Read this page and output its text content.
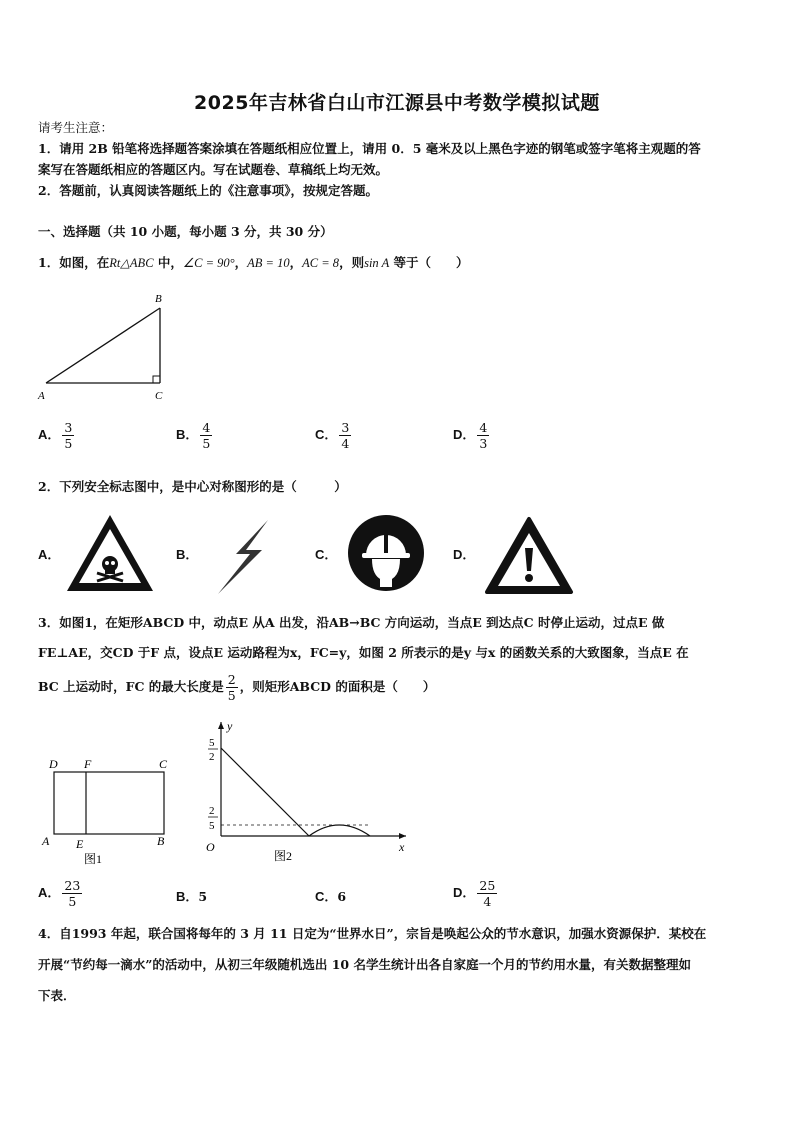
2025年吉林省白山市江源县中考数学模拟试题
请考生注意：
1．请用 2B 铅笔将选择题答案涂填在答题纸相应位置上，请用 0．5 毫米及以上黑色字迹的钢笔或签字笔将主观题的答
案写在答题纸相应的答题区内。写在试题卷、草稿纸上均无效。
2．答题前，认真阅读答题纸上的《注意事项》，按规定答题。
一、选择题（共 10 小题，每小题 3 分，共 30 分）
1．如图，在Rt△ABC 中，∠C = 90°，AB = 10，AC = 8，则sin A 等于（　　）
A
B
C
A． $\frac{3}{5}$	B． $\frac{4}{5}$	C． $\frac{3}{4}$	D． $\frac{4}{3}$
2．下列安全标志图中，是中心对称图形的是（　　　）
A．	B．	C．	D．
3．如图1，在矩形ABCD 中，动点E 从A 出发，沿AB→BC 方向运动，当点E 到达点C 时停止运动，过点E 做
FE⊥AE，交CD 于F 点，设点E 运动路程为x，FC=y，如图 2 所表示的是y 与x 的函数关系的大致图象，当点E 在
BC 上运动时，FC 的最大长度是 $\frac{2}{5}$ ，则矩形ABCD 的面积是（　　）
D F	C
A E	B
图1
y
x
O
5
2
2
5
图2
A． $\frac{23}{5}$	B．5	C．6	D． $\frac{25}{4}$
4．自1993 年起，联合国将每年的 3 月 11 日定为“世界水日”，宗旨是唤起公众的节水意识，加强水资源保护．某校在
开展“节约每一滴水”的活动中，从初三年级随机选出 10 名学生统计出各自家庭一个月的节约用水量，有关数据整理如
下表．
